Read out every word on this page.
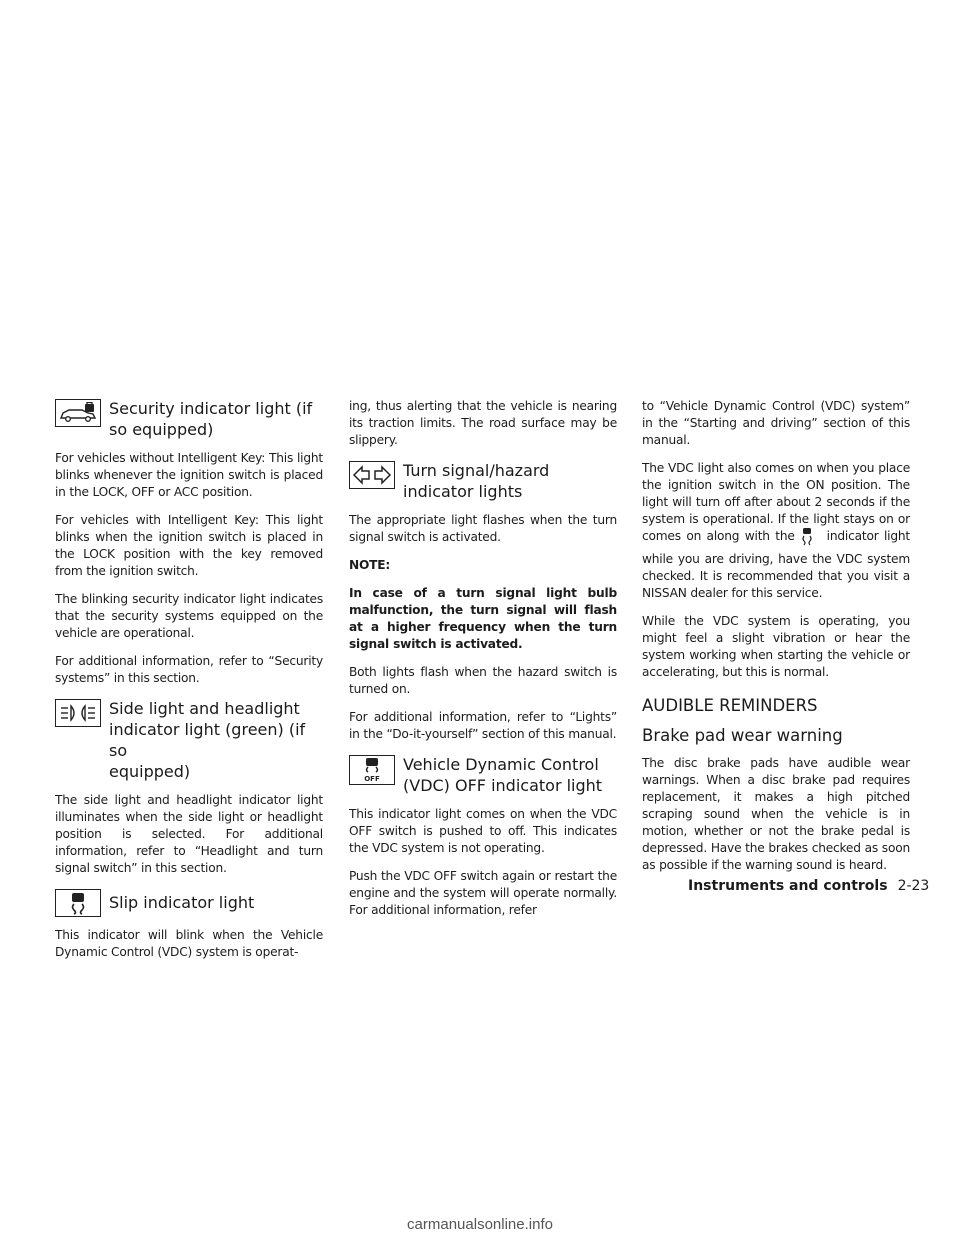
Security indicator light (if
so equipped)

For vehicles without Intelligent Key: This light blinks whenever the ignition switch is placed in the LOCK, OFF or ACC position.

For vehicles with Intelligent Key: This light blinks when the ignition switch is placed in the LOCK position with the key removed from the ignition switch.

The blinking security indicator light indicates that the security systems equipped on the vehicle are operational.

For additional information, refer to “Security systems” in this section.

Side light and headlight
indicator light (green) (if so
equipped)

The side light and headlight indicator light illuminates when the side light or headlight position is selected. For additional information, refer to “Headlight and turn signal switch” in this section.

Slip indicator light

This indicator will blink when the Vehicle Dynamic Control (VDC) system is operat-

ing, thus alerting that the vehicle is nearing its traction limits. The road surface may be slippery.

Turn signal/hazard
indicator lights

The appropriate light flashes when the turn signal switch is activated.

NOTE:

In case of a turn signal light bulb malfunction, the turn signal will flash at a higher frequency when the turn signal switch is activated.

Both lights flash when the hazard switch is turned on.

For additional information, refer to “Lights” in the “Do-it-yourself” section of this manual.

OFF
Vehicle Dynamic Control
(VDC) OFF indicator light

This indicator light comes on when the VDC OFF switch is pushed to off. This indicates the VDC system is not operating.

Push the VDC OFF switch again or restart the engine and the system will operate normally. For additional information, refer

to “Vehicle Dynamic Control (VDC) system” in the “Starting and driving” section of this manual.

The VDC light also comes on when you place the ignition switch in the ON position. The light will turn off after about 2 seconds if the system is operational. If the light stays on or comes on along with the	indicator light while you are driving, have the VDC system checked. It is recommended that you visit a NISSAN dealer for this service.

While the VDC system is operating, you might feel a slight vibration or hear the system working when starting the vehicle or accelerating, but this is normal.

AUDIBLE REMINDERS
Brake pad wear warning

The disc brake pads have audible wear warnings. When a disc brake pad requires replacement, it makes a high pitched scraping sound when the vehicle is in motion, whether or not the brake pedal is depressed. Have the brakes checked as soon as possible if the warning sound is heard.

Instruments and controls 2-23
carmanualsonline.info
